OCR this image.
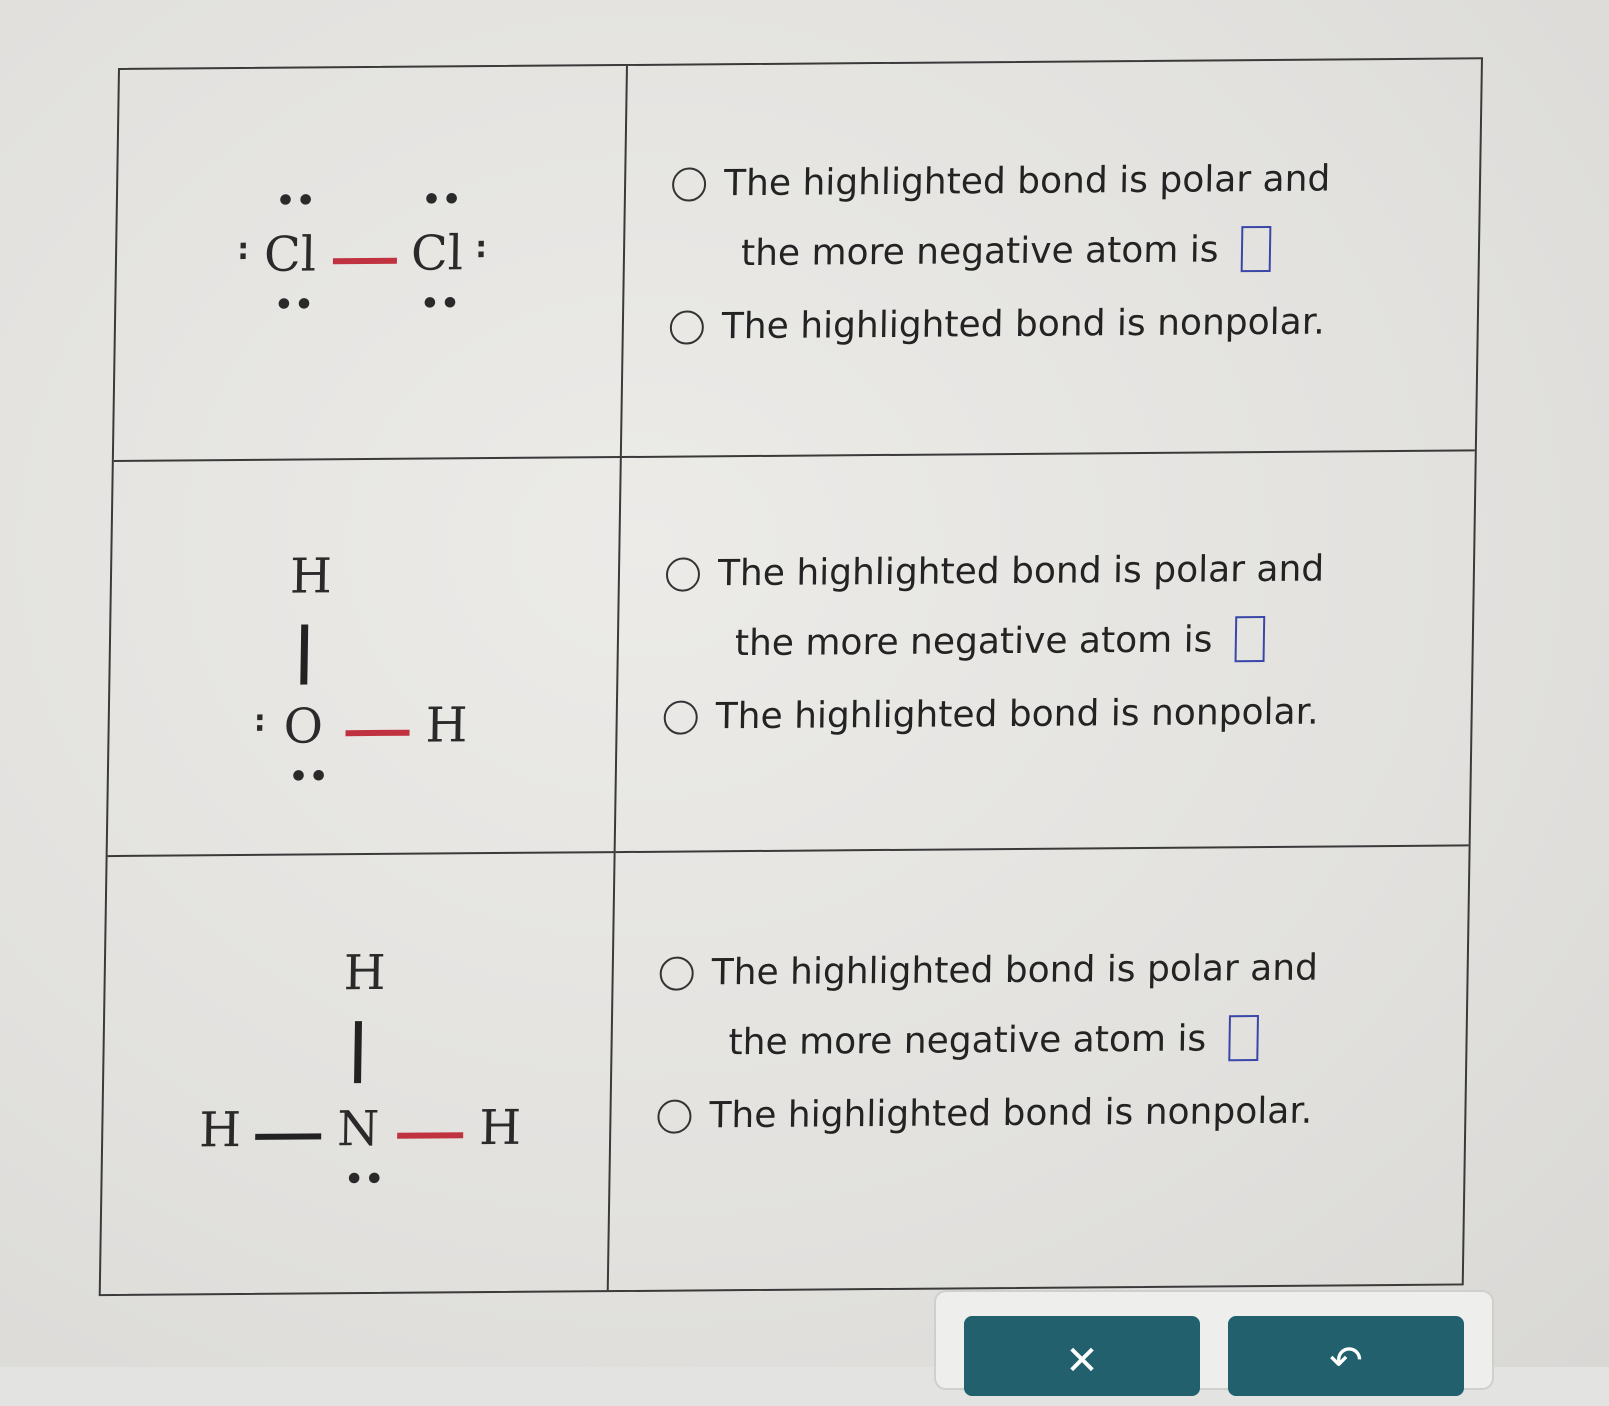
: Cl
••
••
Cl
••
••
:
The highlighted bond is polar and
the more negative atom is
The highlighted bond is nonpolar.
H
: O
••
H
The highlighted bond is polar and
the more negative atom is
The highlighted bond is nonpolar.
H
H N
••
H
The highlighted bond is polar and
the more negative atom is
The highlighted bond is nonpolar.
✕	↶
